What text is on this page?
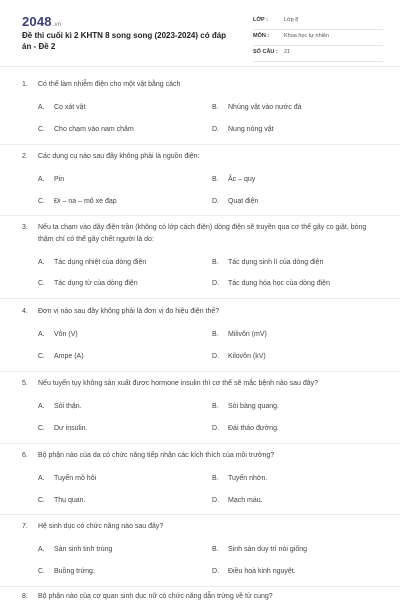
2048.vn
Đề thi cuối kì 2 KHTN 8 song song (2023-2024) có đáp án - Đề 2
LỚP :	Lớp 8
MÔN :	Khoa học tự nhiên
SỐ CÂU : 21
1. Có thể làm nhiễm điện cho một vật bằng cách
A. Cọ xát vật	B. Nhúng vật vào nước đá
C. Cho chạm vào nam châm	D. Nung nóng vật
2. Các dụng cụ nào sau đây không phải là nguồn điện:
A. Pin	B. Ắc – quy
C. Đi – na – mô xe đạp	D. Quạt điện
3. Nếu ta chạm vào dây điện trần (không có lớp cách điện) dòng điện sẽ truyền qua cơ thể gây co giật, bỏng thậm chí có thể gây chết người là do:
A. Tác dụng nhiệt của dòng điện	B. Tác dụng sinh lí của dòng điện
C. Tác dụng từ của dòng điện	D. Tác dụng hóa học của dòng điện
4. Đơn vị nào sau đây không phải là đơn vị đo hiệu điện thế?
A. Vôn (V)	B. Milivôn (mV)
C. Ampe (A)	D. Kilovôn (kV)
5. Nếu tuyến tụy không sản xuất được hormone insulin thì cơ thể sẽ mắc bệnh nào sau đây?
A. Sỏi thận.	B. Sỏi bàng quang.
C. Dư insulin.	D. Đái tháo đường.
6. Bộ phận nào của da có chức năng tiếp nhận các kích thích của môi trường?
A. Tuyến mồ hôi	B. Tuyến nhờn.
C. Thụ quan.	D. Mạch máu.
7. Hệ sinh dục có chức năng nào sau đây?
A. Sản sinh tinh trùng	B. Sinh sản duy trì nòi giống
C. Buồng trứng.	D. Điều hoà kinh nguyệt.
8. Bộ phận nào của cơ quan sinh dục nữ có chức năng dẫn trứng về tử cung?
